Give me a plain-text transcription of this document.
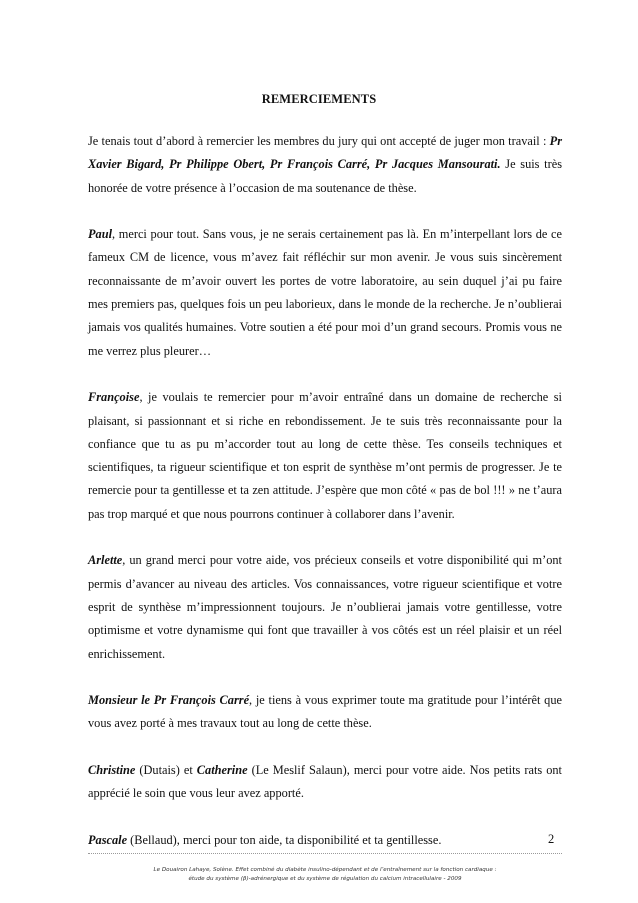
REMERCIEMENTS

Je tenais tout d’abord à remercier les membres du jury qui ont accepté de juger mon travail : Pr Xavier Bigard, Pr Philippe Obert, Pr François Carré, Pr Jacques Mansourati. Je suis très honorée de votre présence à l’occasion de ma soutenance de thèse.

Paul, merci pour tout. Sans vous, je ne serais certainement pas là. En m’interpellant lors de ce fameux CM de licence, vous m’avez fait réfléchir sur mon avenir. Je vous suis sincèrement reconnaissante de m’avoir ouvert les portes de votre laboratoire, au sein duquel j’ai pu faire mes premiers pas, quelques fois un peu laborieux, dans le monde de la recherche. Je n’oublierai jamais vos qualités humaines. Votre soutien a été pour moi d’un grand secours. Promis vous ne me verrez plus pleurer…

Françoise, je voulais te remercier pour m’avoir entraîné dans un domaine de recherche si plaisant, si passionnant et si riche en rebondissement. Je te suis très reconnaissante pour la confiance que tu as pu m’accorder tout au long de cette thèse. Tes conseils techniques et scientifiques, ta rigueur scientifique et ton esprit de synthèse m’ont permis de progresser. Je te remercie pour ta gentillesse et ta zen attitude. J’espère que mon côté « pas de bol !!! » ne t’aura pas trop marqué et que nous pourrons continuer à collaborer dans l’avenir.

Arlette, un grand merci pour votre aide, vos précieux conseils et votre disponibilité qui m’ont permis d’avancer au niveau des articles. Vos connaissances, votre rigueur scientifique et votre esprit de synthèse m’impressionnent toujours. Je n’oublierai jamais votre gentillesse, votre optimisme et votre dynamisme qui font que travailler à vos côtés est un réel plaisir et un réel enrichissement.

Monsieur le Pr François Carré, je tiens à vous exprimer toute ma gratitude pour l’intérêt que vous avez porté à mes travaux tout au long de cette thèse.

Christine (Dutais) et Catherine (Le Meslif Salaun), merci pour votre aide. Nos petits rats ont apprécié le soin que vous leur avez apporté.

Pascale (Bellaud), merci pour ton aide, ta disponibilité et ta gentillesse.	2
Le Douairon Lahaye, Solène. Effet combiné du diabète insulino-dépendant et de l’entraînement sur la fonction cardiaque :
étude du système (β)-adrénergique et du système de régulation du calcium intracellulaire - 2009
